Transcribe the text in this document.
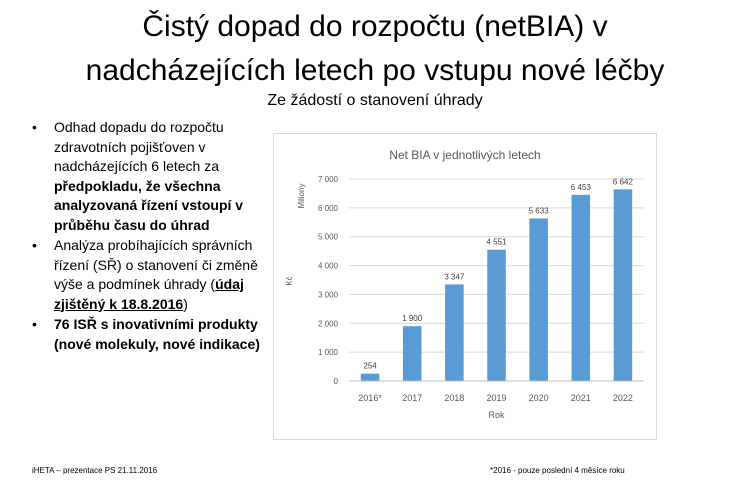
Čistý dopad do rozpočtu (netBIA) v
nadcházejících letech po vstupu nové léčby
Ze žádostí o stanovení úhrady
• Odhad dopadu do rozpočtu zdravotních pojišťoven v nadcházejících 6 letech za předpokladu, že všechna analyzovaná řízení vstoupí v průběhu času do úhrad
• Analýza probíhajících správních řízení (SŘ) o stanovení či změně výše a podmínek úhrady (údaj zjištěný k 18.8.2016)
• 76 ISŘ s inovativními produkty (nové molekuly, nové indikace)
Net BIA v jednotlivých letech
0
1 000
2 000
3 000
4 000
5 000
6 000
7 000
Miliony
Kč
254
2016*
1 900
2017
3 347
2018
4 551
2019
5 633
2020
6 453
2021
6 642
2022
Rok
iHETA – prezentace PS 21.11.2016	*2016 - pouze poslední 4 měsíce roku
